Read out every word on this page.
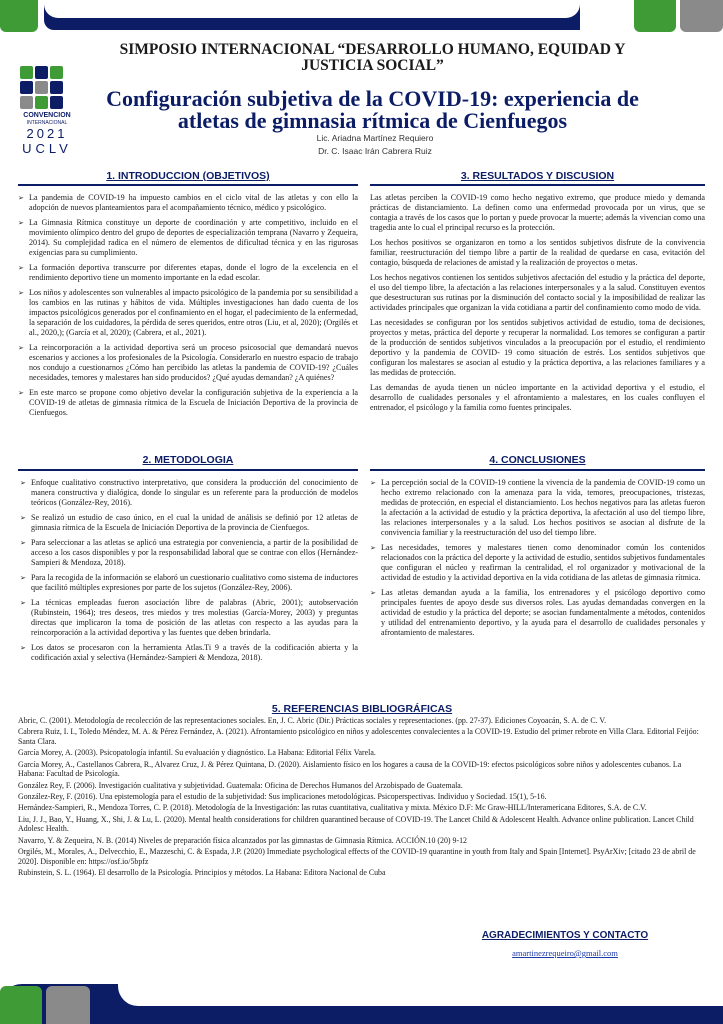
CONVENCION
INTERNACIONAL
2021
UCLV
SIMPOSIO INTERNACIONAL “DESARROLLO HUMANO, EQUIDAD Y JUSTICIA SOCIAL”
Configuración subjetiva de la COVID-19: experiencia de atletas de gimnasia rítmica de Cienfuegos
Lic. Ariadna Martínez Requiero
Dr. C. Isaac Irán Cabrera Ruiz
1. INTRODUCCION (OBJETIVOS)
➢ La pandemia de COVID-19 ha impuesto cambios en el ciclo vital de las atletas y con ello la adopción de nuevos planteamientos para el acompañamiento técnico, médico y psicológico.
➢ La Gimnasia Rítmica constituye un deporte de coordinación y arte competitivo, incluido en el movimiento olímpico dentro del grupo de deportes de especialización temprana (Navarro y Zequeira, 2014). Su complejidad radica en el número de elementos de dificultad técnica y en las rigurosas exigencias para su cumplimiento.
➢ La formación deportiva transcurre por diferentes etapas, donde el logro de la excelencia en el rendimiento deportivo tiene un momento importante en la edad escolar.
➢ Los niños y adolescentes son vulnerables al impacto psicológico de la pandemia por su sensibilidad a los cambios en las rutinas y hábitos de vida. Múltiples investigaciones han dado cuenta de los impactos psicológicos generados por el confinamiento en el hogar, el padecimiento de la enfermedad, la separación de los cuidadores, la pérdida de seres queridos, entre otros (Liu, et al, 2020); (Orgilés et al., 2020,); (García et al, 2020); (Cabrera, et al., 2021).
➢ La reincorporación a la actividad deportiva será un proceso psicosocial que demandará nuevos escenarios y acciones a los profesionales de la Psicología. Considerarlo en nuestro espacio de trabajo nos condujo a cuestionarnos ¿Cómo han percibido las atletas la pandemia de COVID-19? ¿Cuáles necesidades, temores y malestares han sido producidos? ¿Qué ayudas demandan? ¿A quiénes?
➢ En este marco se propone como objetivo develar la configuración subjetiva de la experiencia a la COVID-19 de atletas de gimnasia rítmica de la Escuela de Iniciación Deportiva de la provincia de Cienfuegos.
3. RESULTADOS Y DISCUSION

Las atletas perciben la COVID-19 como hecho negativo extremo, que produce miedo y demanda prácticas de distanciamiento. La definen como una enfermedad provocada por un virus, que se contagia a través de los casos que lo portan y puede provocar la muerte; además la vivencian como una tragedia ante lo cual el principal recurso es la protección.

Los hechos positivos se organizaron en torno a los sentidos subjetivos disfrute de la convivencia familiar, reestructuración del tiempo libre a partir de la realidad de quedarse en casa, evitación del contagio, búsqueda de relaciones de amistad y la realización de proyectos o metas.

Los hechos negativos contienen los sentidos subjetivos afectación del estudio y la práctica del deporte, el uso del tiempo libre, la afectación a las relaciones interpersonales y a la salud. Constituyen eventos que desestructuran sus rutinas por la disminución del contacto social y la imposibilidad de realizar las actividades principales que organizan la vida cotidiana a partir del confinamiento como modo de vida.

Las necesidades se configuran por los sentidos subjetivos actividad de estudio, toma de decisiones, proyectos y metas, práctica del deporte y recuperar la normalidad. Los temores se configuran a partir de la producción de sentidos subjetivos vinculados a la preocupación por el estudio, el rendimiento deportivo y la pandemia de COVID- 19 como situación de estrés. Los sentidos subjetivos que configuran los malestares se asocian al estudio y la práctica deportiva, a las relaciones familiares y a las medidas de protección.

Las demandas de ayuda tienen un núcleo importante en la actividad deportiva y el estudio, el desarrollo de cualidades personales y el afrontamiento a malestares, en los cuales confluyen el entrenador, el psicólogo y la familia como fuentes principales.

2. METODOLOGIA
➢ Enfoque cualitativo constructivo interpretativo, que considera la producción del conocimiento de manera constructiva y dialógica, donde lo singular es un referente para la producción de modelos teóricos (González-Rey, 2016).
➢ Se realizó un estudio de caso único, en el cual la unidad de análisis se definió por 12 atletas de gimnasia rítmica de la Escuela de Iniciación Deportiva de la provincia de Cienfuegos.
➢ Para seleccionar a las atletas se aplicó una estrategia por conveniencia, a partir de la posibilidad de acceso a los casos disponibles y por la responsabilidad laboral que se contrae con ellos (Hernández-Sampieri & Mendoza, 2018).
➢ Para la recogida de la información se elaboró un cuestionario cualitativo como sistema de inductores que facilitó múltiples expresiones por parte de los sujetos (González-Rey, 2006).
➢ La técnicas empleadas fueron asociación libre de palabras (Abric, 2001); autobservación (Rubinstein, 1964); tres deseos, tres miedos y tres molestias (García-Morey, 2003) y preguntas directas que implicaron la toma de posición de las atletas con respecto a las ayudas para la reincorporación a la actividad deportiva y las fuentes que deben brindarla.
➢ Los datos se procesaron con la herramienta Atlas.Ti 9 a través de la codificación abierta y la codificación axial y selectiva (Hernández-Sampieri & Mendoza, 2018).
4. CONCLUSIONES
➢ La percepción social de la COVID-19 contiene la vivencia de la pandemia de COVID-19 como un hecho extremo relacionado con la amenaza para la vida, temores, preocupaciones, tristezas, medidas de protección, en especial el distanciamiento. Los hechos negativos para las atletas fueron la afectación a la actividad de estudio y la práctica deportiva, la afectación al uso del tiempo libre, las relaciones interpersonales y a la salud. Los hechos positivos se asocian al disfrute de la convivencia familiar y la reestructuración del uso del tiempo libre.
➢ Las necesidades, temores y malestares tienen como denominador común los contenidos relacionados con la práctica del deporte y la actividad de estudio, sentidos subjetivos fundamentales que configuran el núcleo y reafirman la centralidad, el rol organizador y motivacional de la actividad de estudio y la actividad deportiva en la vida cotidiana de las atletas de gimnasia rítmica.
➢ Las atletas demandan ayuda a la familia, los entrenadores y el psicólogo deportivo como principales fuentes de apoyo desde sus diversos roles. Las ayudas demandadas convergen en la actividad de estudio y la práctica del deporte; se asocian fundamentalmente a métodos, contenidos y utilidad del entrenamiento deportivo, y la ayuda para el desarrollo de cualidades personales y afrontamiento de malestares.
5. REFERENCIAS BIBLIOGRÁFICAS

Abric, C. (2001). Metodología de recolección de las representaciones sociales. En, J. C. Abric (Dir.) Prácticas sociales y representaciones. (pp. 27-37). Ediciones Coyoacán, S. A. de C. V.

Cabrera Ruiz, I. I., Toledo Méndez, M. A. & Pérez Fernández, A. (2021). Afrontamiento psicológico en niños y adolescentes convalecientes a la COVID-19. Estudio del primer rebrote en Villa Clara. Editorial Feijóo: Santa Clara.

García Morey, A. (2003). Psicopatología infantil. Su evaluación y diagnóstico. La Habana: Editorial Félix Varela.

García Morey, A., Castellanos Cabrera, R., Alvarez Cruz, J. & Pérez Quintana, D. (2020). Aislamiento físico en los hogares a causa de la COVID-19: efectos psicológicos sobre niños y adolescentes cubanos. La Habana: Facultad de Psicología.

González Rey, F. (2006). Investigación cualitativa y subjetividad. Guatemala: Oficina de Derechos Humanos del Arzobispado de Guatemala.

González-Rey, F. (2016). Una epistemología para el estudio de la subjetividad: Sus implicaciones metodológicas. Psicoperspectivas. Individuo y Sociedad. 15(1), 5-16.

Hernández-Sampieri, R., Mendoza Torres, C. P. (2018). Metodología de la Investigación: las rutas cuantitativa, cualitativa y mixta. México D.F: Mc Graw-HILL/Interamericana Editores, S.A. de C.V.

Liu, J. J., Bao, Y., Huang, X., Shi, J. & Lu, L. (2020). Mental health considerations for children quarantined because of COVID-19. The Lancet Child & Adolescent Health. Advance online publication. Lancet Child Adolesc Health.

Navarro, Y. & Zequeira, N. B. (2014) Niveles de preparación física alcanzados por las gimnastas de Gimnasia Rítmica. ACCIÓN.10 (20) 9-12

Orgilés, M., Morales, A., Delvecchio, E., Mazzeschi, C. & Espada, J.P. (2020) Immediate psychological effects of the COVID-19 quarantine in youth from Italy and Spain [Internet]. PsyArXiv; [citado 23 de abril de 2020]. Disponible en: https://osf.io/5bpfz

Rubinstein, S. L. (1964). El desarrollo de la Psicología. Principios y métodos. La Habana: Editora Nacional de Cuba

AGRADECIMIENTOS Y CONTACTO
amartinezrequeiro@gmail.com
